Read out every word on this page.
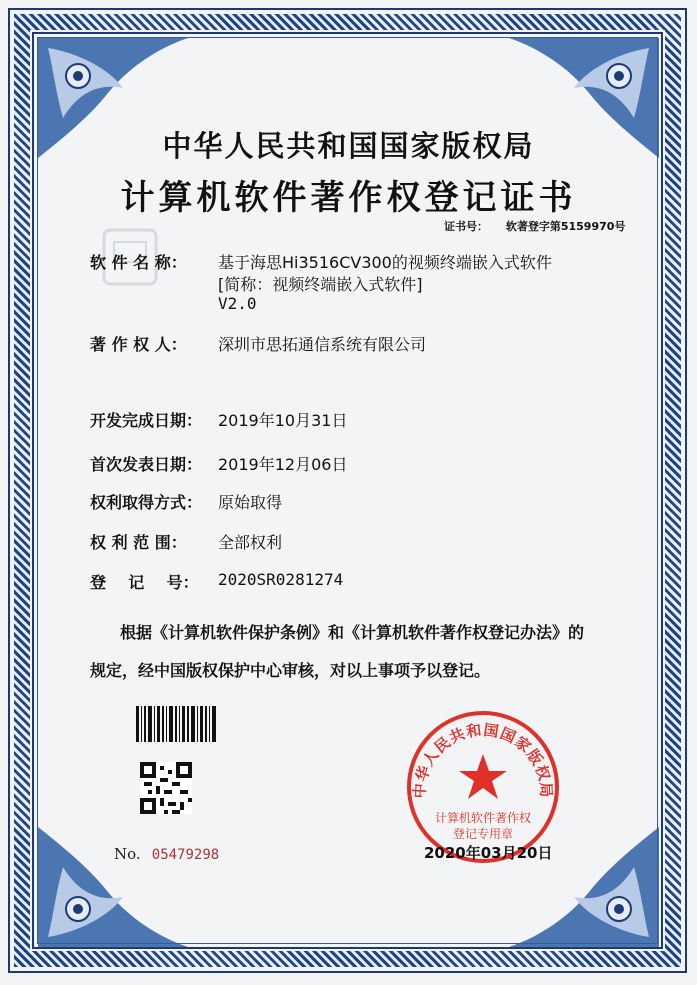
中华人民共和国国家版权局
计算机软件著作权登记证书
证书号： 软著登字第5159970号
软 件 名 称： 基于海思Hi3516CV300的视频终端嵌入式软件
[简称：视频终端嵌入式软件]
V2.0
著 作 权 人： 深圳市思拓通信系统有限公司
开发完成日期： 2019年10月31日
首次发表日期： 2019年12月06日
权利取得方式： 原始取得
权 利 范 围： 全部权利
登    记    号： 2020SR0281274
根据《计算机软件保护条例》和《计算机软件著作权登记办法》的
规定，经中国版权保护中心审核，对以上事项予以登记。
No. 05479298
中华人民共和国国家版权局
计算机软件著作权
登记专用章
2020年03月20日
